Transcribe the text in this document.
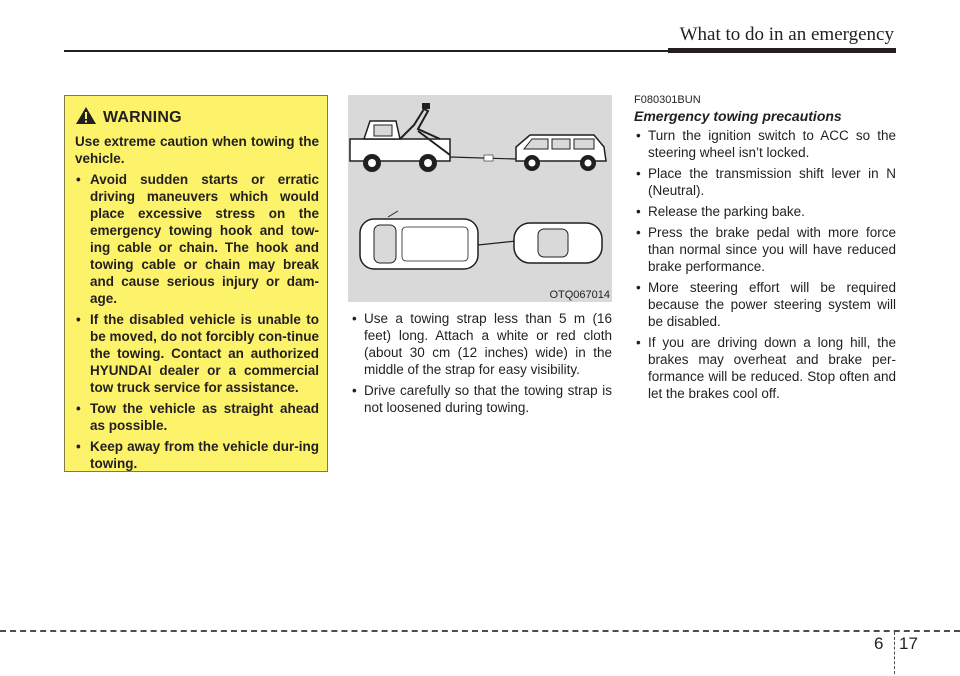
What to do in an emergency
WARNING

Use extreme caution when towing the vehicle.

• Avoid sudden starts or erratic driving maneuvers which would place excessive stress on the emergency towing hook and tow-ing cable or chain. The hook and towing cable or chain may break and cause serious injury or dam-age.
• If the disabled vehicle is unable to be moved, do not forcibly con-tinue the towing. Contact an authorized HYUNDAI dealer or a commercial tow truck service for assistance.
• Tow the vehicle as straight ahead as possible.
• Keep away from the vehicle dur-ing towing.
OTQ067014
• Use a towing strap less than 5 m (16 feet) long. Attach a white or red cloth (about 30 cm (12 inches) wide) in the middle of the strap for easy visibility.
• Drive carefully so that the towing strap is not loosened during towing.
F080301BUN
Emergency towing precautions
• Turn the ignition switch to ACC so the steering wheel isn’t locked.
• Place the transmission shift lever in N (Neutral).
• Release the parking bake.
• Press the brake pedal with more force than normal since you will have reduced brake performance.
• More steering effort will be required because the power steering system will be disabled.
• If you are driving down a long hill, the brakes may overheat and brake per-formance will be reduced. Stop often and let the brakes cool off.
6 17
